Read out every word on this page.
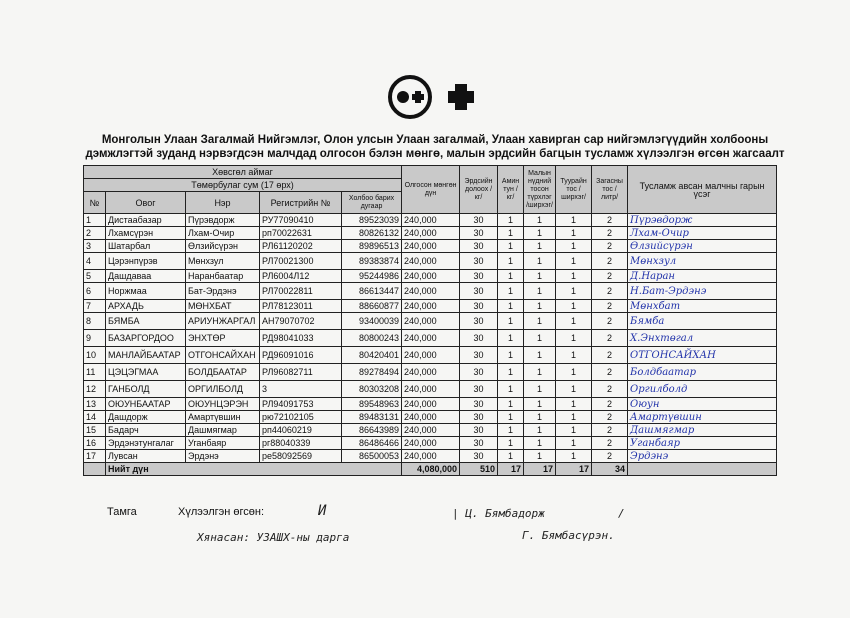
Монголын Улаан Загалмай Нийгэмлэг, Олон улсын Улаан загалмай, Улаан хавирган сар нийгэмлэгүүдийн холбооны
дэмжлэгтэй зуданд нэрвэгдсэн малчдад олгосон бэлэн мөнгө, малын эрдсийн багцын тусламж хүлээлгэн өгсөн жагсаалт
Хөвсгөл аймаг					Олгосон мөнгөн дүн	Эрдсийн долоох /кг/	Амин тун /кг/	Малын нүдний тосон түрхлэг /ширхэг/	Туурайн тос /ширхэг/	Загасны тос /литр/	Тусламж авсан малчны гарын үсэг
Төмөрбулаг сум (17 өрх)											
№	Овог	Нэр	Регистрийн №	Холбоо барих дугаар							
1	Дистаабазар	Пүрэвдорж	РУ77090410	89523039	240,000	30	1	1	1	2	Пүрэвдорж
2	Лхамсүрэн	Лхам-Очир	рп70022631	80826132	240,000	30	1	1	1	2	Лхам-Очир
3	Шатарбал	Өлзийсүрэн	РЛ61120202	89896513	240,000	30	1	1	1	2	Өлзийсүрэн
4	Цэрэнпүрэв	Мөнхзул	РЛ70021300	89383874	240,000	30	1	1	1	2	Мөнхзул
5	Дашдаваа	Наранбаатар	РЛ6004Л12	95244986	240,000	30	1	1	1	2	Д.Наран
6	Норжмаа	Бат-Эрдэнэ	РЛ70022811	86613447	240,000	30	1	1	1	2	Н.Бат-Эрдэнэ
7	АРХАДЬ	МӨНХБАТ	РЛ78123011	88660877	240,000	30	1	1	1	2	Мөнхбат
8	БЯМБА	АРИУНЖАРГАЛ	АН79070702	93400039	240,000	30	1	1	1	2	Бямба
9	БАЗАРГОРДОО	ЭНХТӨР	РД98041033	80800243	240,000	30	1	1	1	2	Х.Энхтөгал
10	МАНЛАЙБААТАР	ОТГОНСАЙХАН	РД96091016	80420401	240,000	30	1	1	1	2	ОТГОНСАЙХАН
11	ЦЭЦЭГМАА	БОЛДБААТАР	РЛ96082711	89278494	240,000	30	1	1	1	2	Болдбаатар
12	ГАНБОЛД	ОРГИЛБОЛД	3	80303208	240,000	30	1	1	1	2	Оргилболд
13	ОЮУНБААТАР	ОЮУНЦЭРЭН	РЛ94091753	89548963	240,000	30	1	1	1	2	Оюун
14	Дашдорж	Амартүвшин	рю72102105	89483131	240,000	30	1	1	1	2	Амартүвшин
15	Бадарч	Дашмягмар	рп44060219	86643989	240,000	30	1	1	1	2	Дашмягмар
16	Эрдэнэтунгалаг	Уганбаяр	рг88040339	86486466	240,000	30	1	1	1	2	Уганбаяр
17	Лувсан	Эрдэнэ	ре58092569	86500053	240,000	30	1	1	1	2	Эрдэнэ
	Нийт дүн				4,080,000	510	17	17	17	34	
Тамга	Хүлээлгэн өгсөн:	И	| Ц. Бямбадорж	/
Хянасан: УЗАШХ-ны дарга	Г. Бямбасүрэн.
